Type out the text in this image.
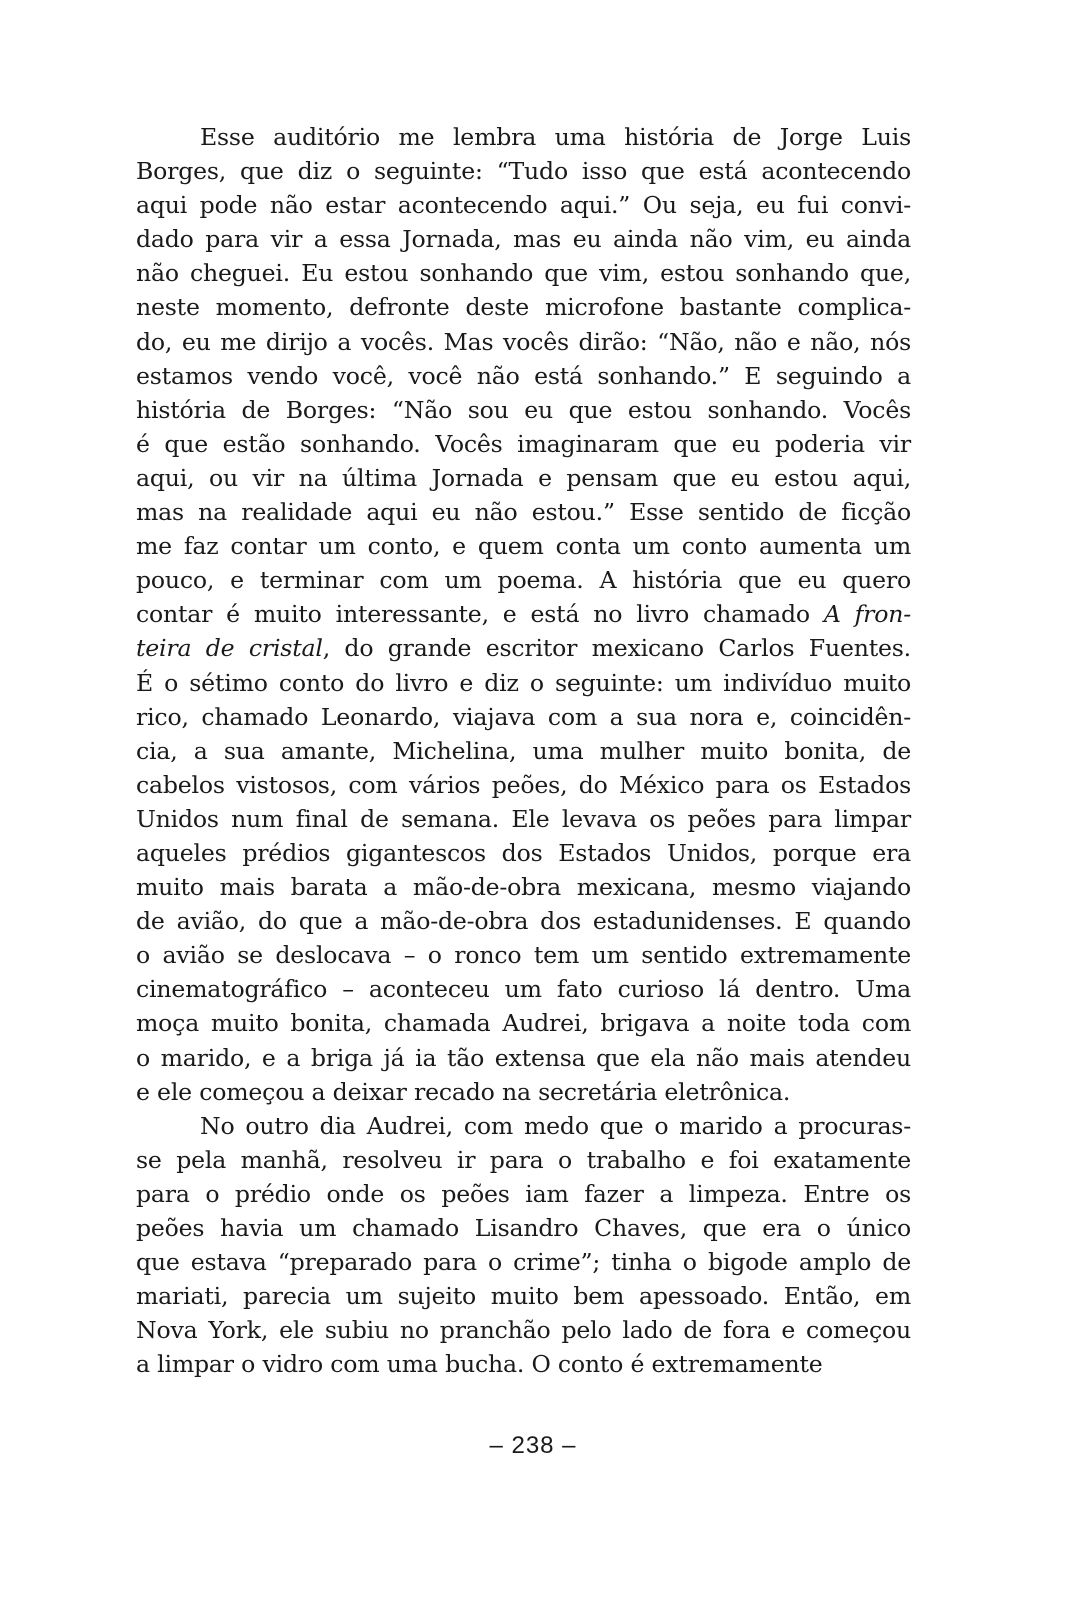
Esse auditório me lembra uma história de Jorge Luis
Borges, que diz o seguinte: “Tudo isso que está acontecendo
aqui pode não estar acontecendo aqui.” Ou seja, eu fui convi-
dado para vir a essa Jornada, mas eu ainda não vim, eu ainda
não cheguei. Eu estou sonhando que vim, estou sonhando que,
neste momento, defronte deste microfone bastante complica-
do, eu me dirijo a vocês. Mas vocês dirão: “Não, não e não, nós
estamos vendo você, você não está sonhando.” E seguindo a
história de Borges: “Não sou eu que estou sonhando. Vocês
é que estão sonhando. Vocês imaginaram que eu poderia vir
aqui, ou vir na última Jornada e pensam que eu estou aqui,
mas na realidade aqui eu não estou.” Esse sentido de ficção
me faz contar um conto, e quem conta um conto aumenta um
pouco, e terminar com um poema. A história que eu quero
contar é muito interessante, e está no livro chamado A fron-
teira de cristal, do grande escritor mexicano Carlos Fuentes.
É o sétimo conto do livro e diz o seguinte: um indivíduo muito
rico, chamado Leonardo, viajava com a sua nora e, coincidên-
cia, a sua amante, Michelina, uma mulher muito bonita, de
cabelos vistosos, com vários peões, do México para os Estados
Unidos num final de semana. Ele levava os peões para limpar
aqueles prédios gigantescos dos Estados Unidos, porque era
muito mais barata a mão-de-obra mexicana, mesmo viajando
de avião, do que a mão-de-obra dos estadunidenses. E quando
o avião se deslocava – o ronco tem um sentido extremamente
cinematográfico – aconteceu um fato curioso lá dentro. Uma
moça muito bonita, chamada Audrei, brigava a noite toda com
o marido, e a briga já ia tão extensa que ela não mais atendeu
e ele começou a deixar recado na secretária eletrônica.
No outro dia Audrei, com medo que o marido a procuras-
se pela manhã, resolveu ir para o trabalho e foi exatamente
para o prédio onde os peões iam fazer a limpeza. Entre os
peões havia um chamado Lisandro Chaves, que era o único
que estava “preparado para o crime”; tinha o bigode amplo de
mariati, parecia um sujeito muito bem apessoado. Então, em
Nova York, ele subiu no pranchão pelo lado de fora e começou
a limpar o vidro com uma bucha. O conto é extremamente
– 238 –
